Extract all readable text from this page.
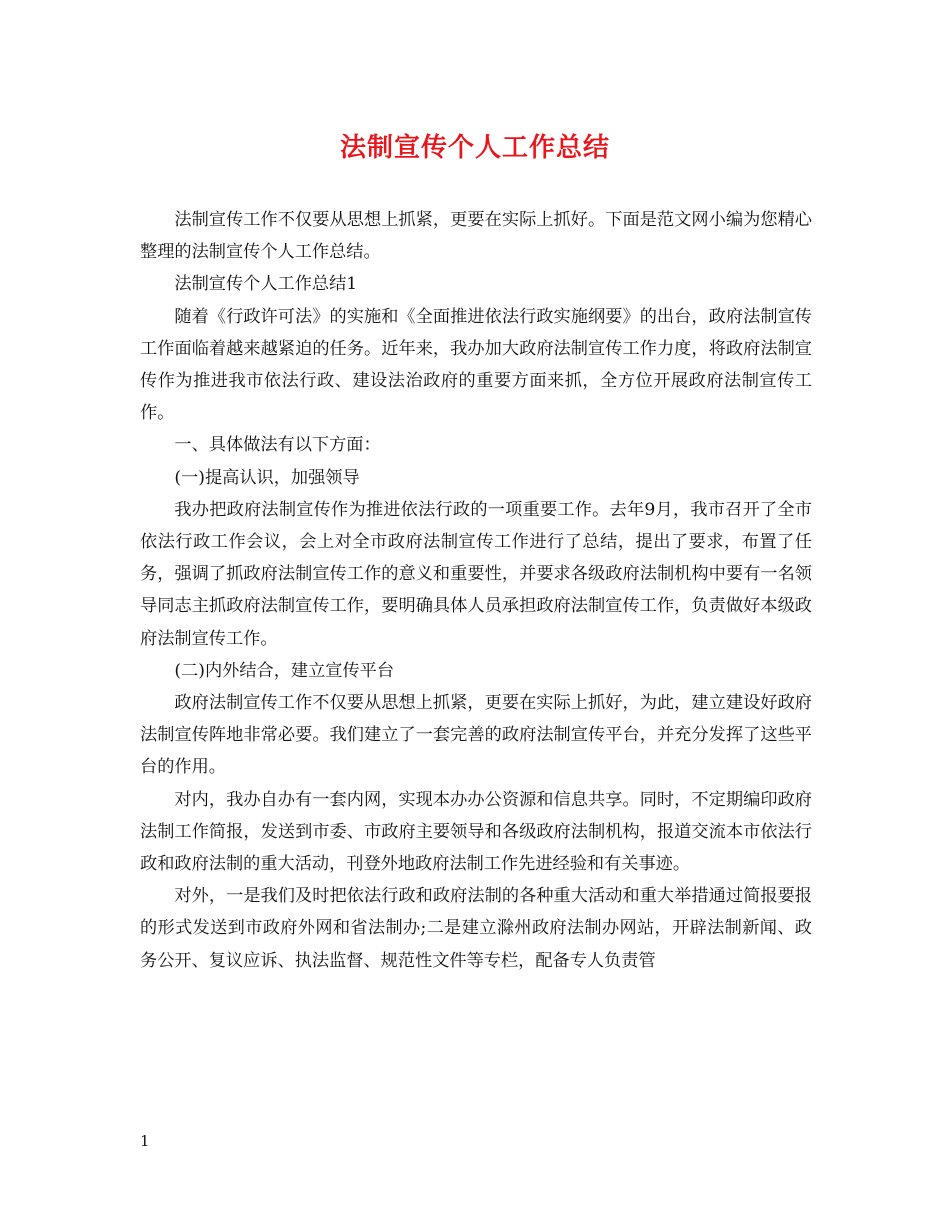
法制宣传个人工作总结

法制宣传工作不仅要从思想上抓紧，更要在实际上抓好。下面是范文网小编为您精心整理的法制宣传个人工作总结。

法制宣传个人工作总结1

随着《行政许可法》的实施和《全面推进依法行政实施纲要》的出台，政府法制宣传工作面临着越来越紧迫的任务。近年来，我办加大政府法制宣传工作力度，将政府法制宣传作为推进我市依法行政、建设法治政府的重要方面来抓，全方位开展政府法制宣传工作。

一、具体做法有以下方面：

(一)提高认识，加强领导

我办把政府法制宣传作为推进依法行政的一项重要工作。去年9月，我市召开了全市依法行政工作会议，会上对全市政府法制宣传工作进行了总结，提出了要求，布置了任务，强调了抓政府法制宣传工作的意义和重要性，并要求各级政府法制机构中要有一名领导同志主抓政府法制宣传工作，要明确具体人员承担政府法制宣传工作，负责做好本级政府法制宣传工作。

(二)内外结合，建立宣传平台

政府法制宣传工作不仅要从思想上抓紧，更要在实际上抓好，为此，建立建设好政府法制宣传阵地非常必要。我们建立了一套完善的政府法制宣传平台，并充分发挥了这些平台的作用。

对内，我办自办有一套内网，实现本办办公资源和信息共享。同时，不定期编印政府法制工作简报，发送到市委、市政府主要领导和各级政府法制机构，报道交流本市依法行政和政府法制的重大活动，刊登外地政府法制工作先进经验和有关事迹。

对外，一是我们及时把依法行政和政府法制的各种重大活动和重大举措通过简报要报的形式发送到市政府外网和省法制办;二是建立滁州政府法制办网站，开辟法制新闻、政务公开、复议应诉、执法监督、规范性文件等专栏，配备专人负责管

1
